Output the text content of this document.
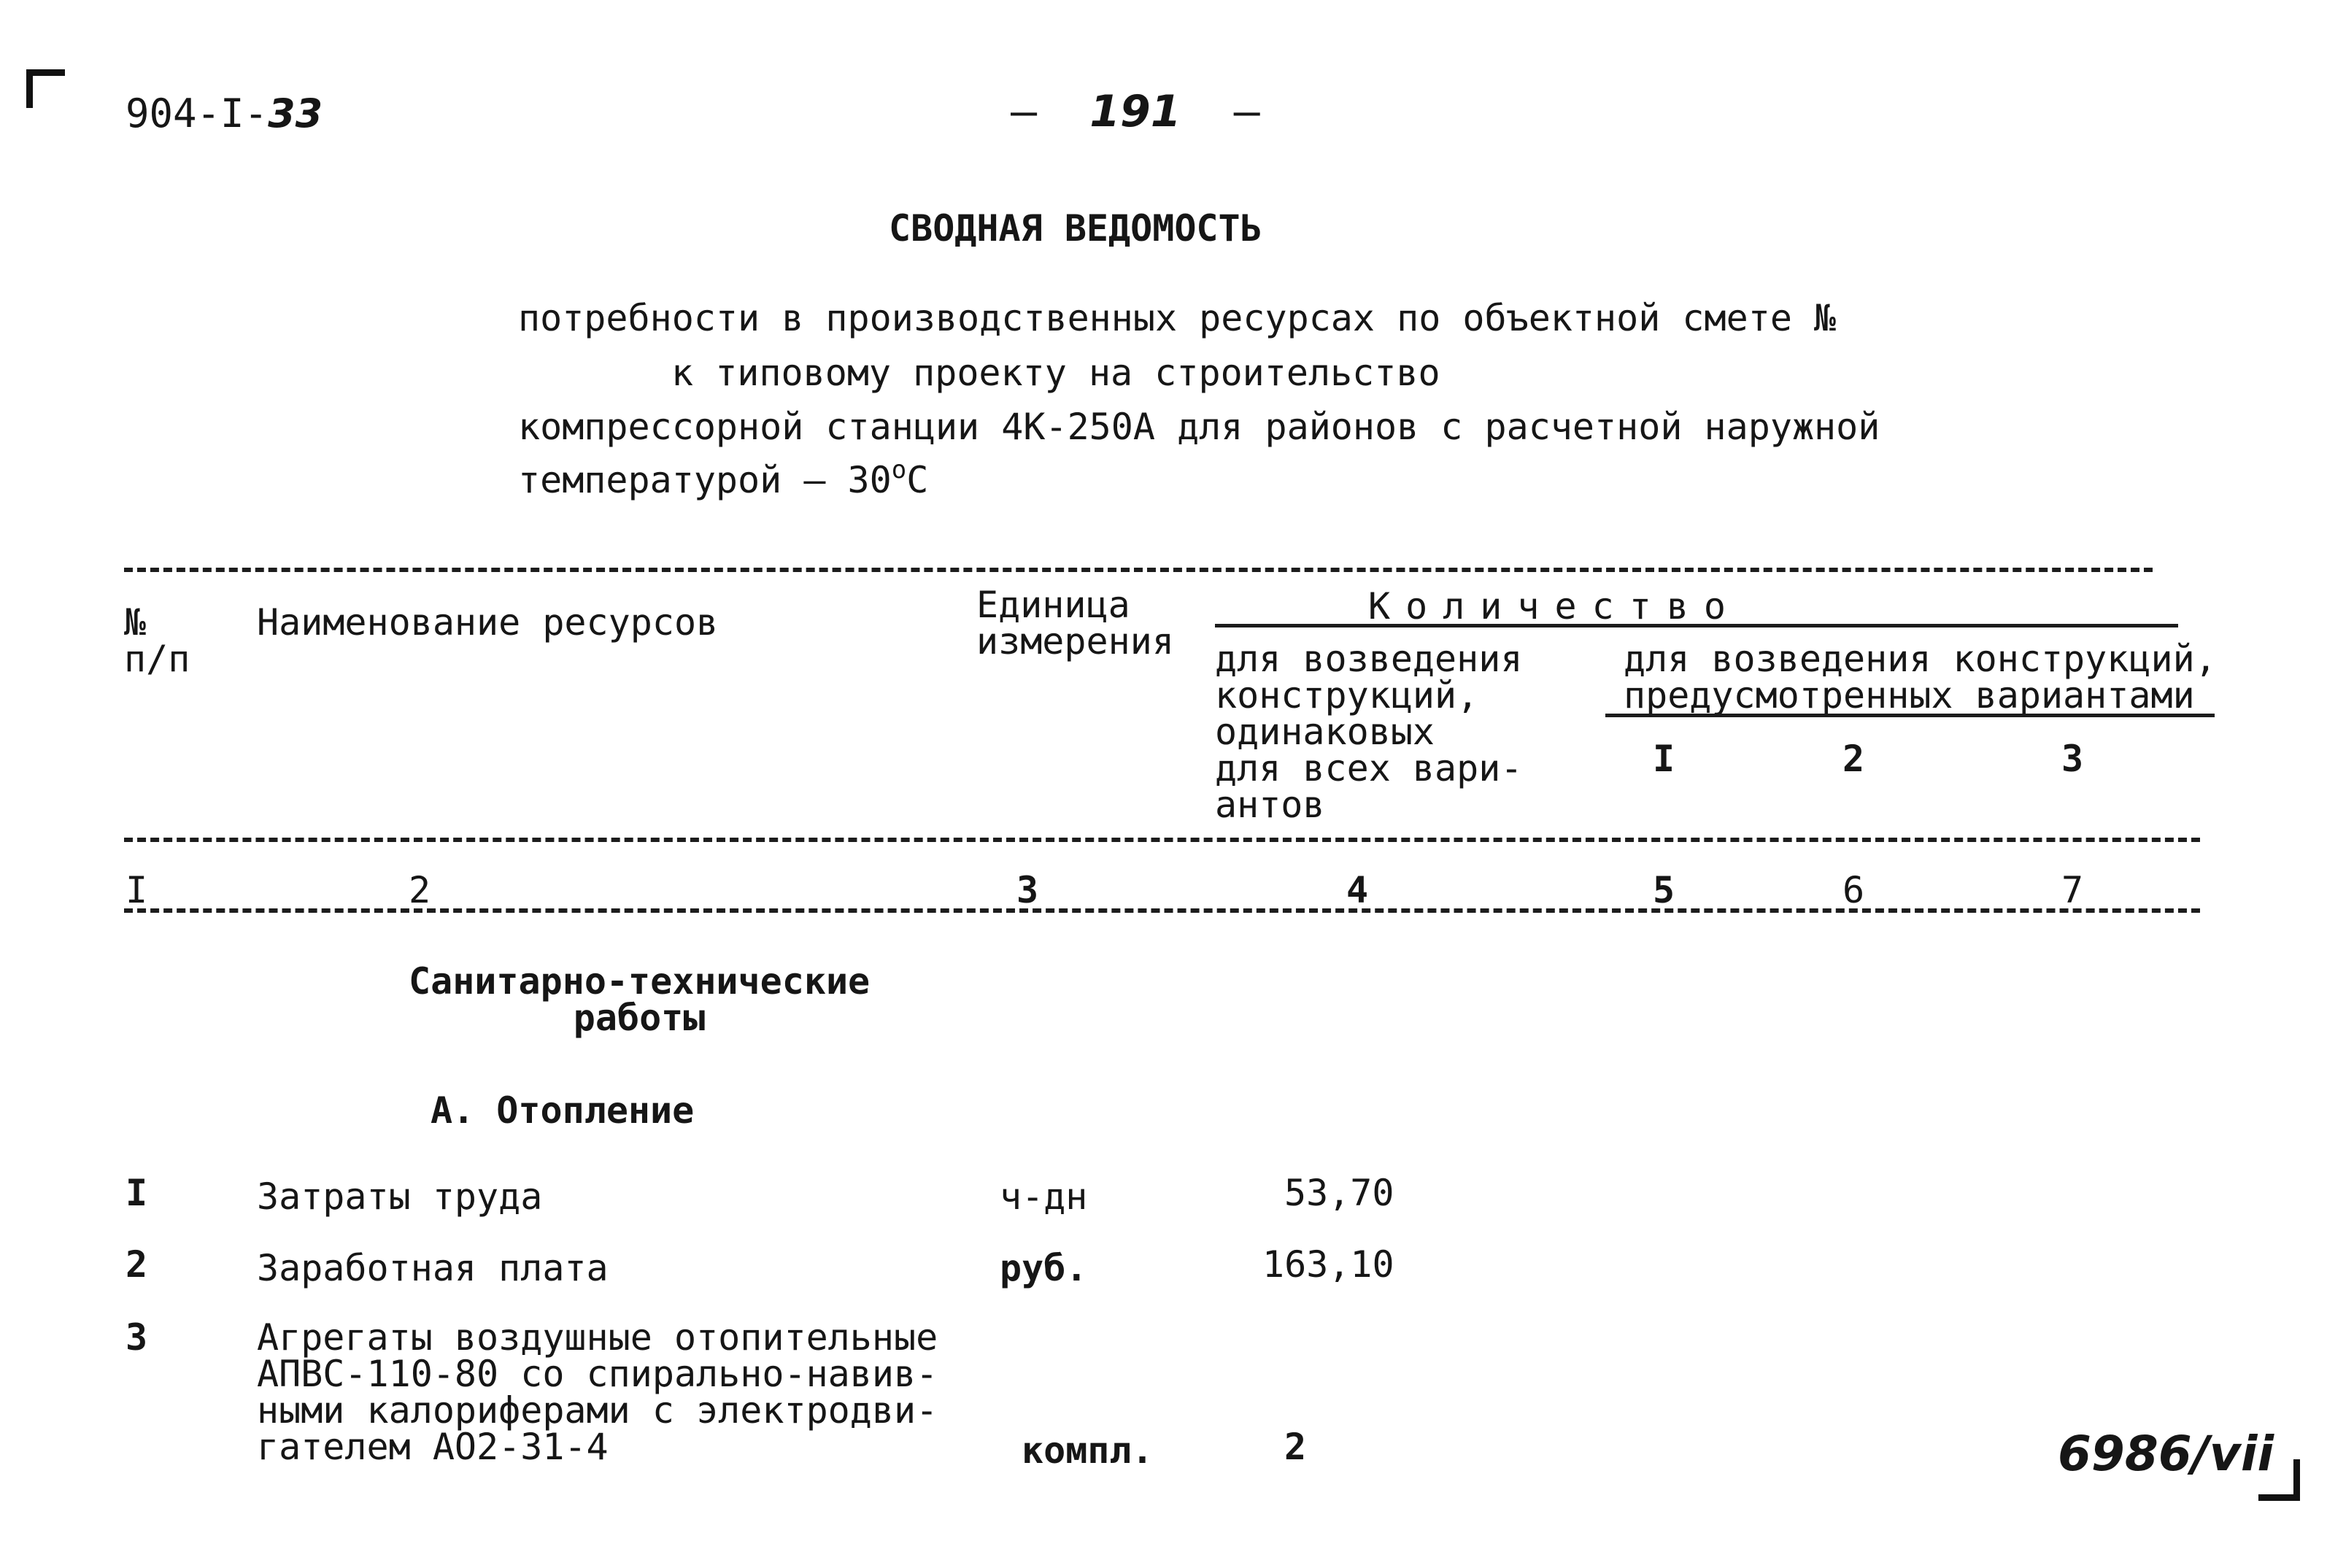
904-I-33	– 191 –
СВОДНАЯ ВЕДОМОСТЬ
потребности в производственных ресурсах по объектной смете №
к типовому проекту на строительство
компрессорной станции 4К-250А для районов с расчетной наружной
температурой – 30$^o$С
№
п/п
Наименование ресурсов	Единица
измерения
Количество
для возведения
конструкций,
одинаковых
для всех вари-
антов
для возведения конструкций,
предусмотренных вариантами
I	2	3
I	2	3	4	5	6	7
Санитарно-технические
работы
А. Отопление
I	Затраты труда	ч-дн	53,70
2	Заработная плата	руб.	163,10
3	Агрегаты воздушные отопительные
АПВС-110-80 со спирально-навив-
ными калориферами с электродви-
гателем АО2-31-4	компл.	2	6986/vii
